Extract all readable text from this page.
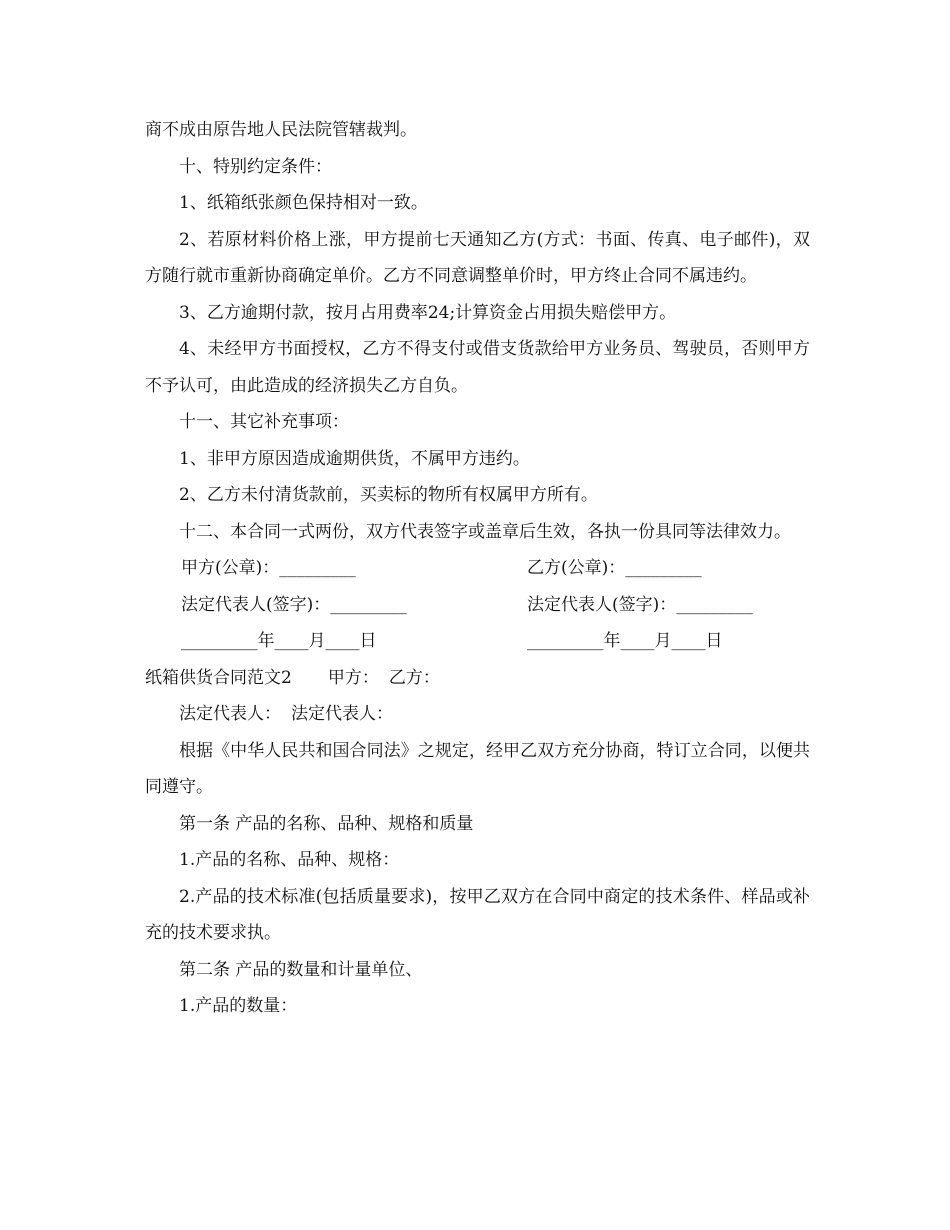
商不成由原告地人民法院管辖裁判。

十、特别约定条件：

1、纸箱纸张颜色保持相对一致。

2、若原材料价格上涨，甲方提前七天通知乙方(方式：书面、传真、电子邮件)，双方随行就市重新协商确定单价。乙方不同意调整单价时，甲方终止合同不属违约。

3、乙方逾期付款，按月占用费率24;计算资金占用损失赔偿甲方。

4、未经甲方书面授权，乙方不得支付或借支货款给甲方业务员、驾驶员，否则甲方不予认可，由此造成的经济损失乙方自负。

十一、其它补充事项：

1、非甲方原因造成逾期供货，不属甲方违约。

2、乙方未付清货款前，买卖标的物所有权属甲方所有。

十二、本合同一式两份，双方代表签字或盖章后生效，各执一份具同等法律效力。

甲方(公章)：_________	乙方(公章)：_________
法定代表人(签字)：_________	法定代表人(签字)：_________
_________年____月____日	_________年____月____日

纸箱供货合同范文2 甲方： 乙方：

法定代表人： 法定代表人：

根据《中华人民共和国合同法》之规定，经甲乙双方充分协商，特订立合同，以便共同遵守。

第一条 产品的名称、品种、规格和质量

1.产品的名称、品种、规格：

2.产品的技术标准(包括质量要求)，按甲乙双方在合同中商定的技术条件、样品或补充的技术要求执。

第二条 产品的数量和计量单位、

1.产品的数量：
